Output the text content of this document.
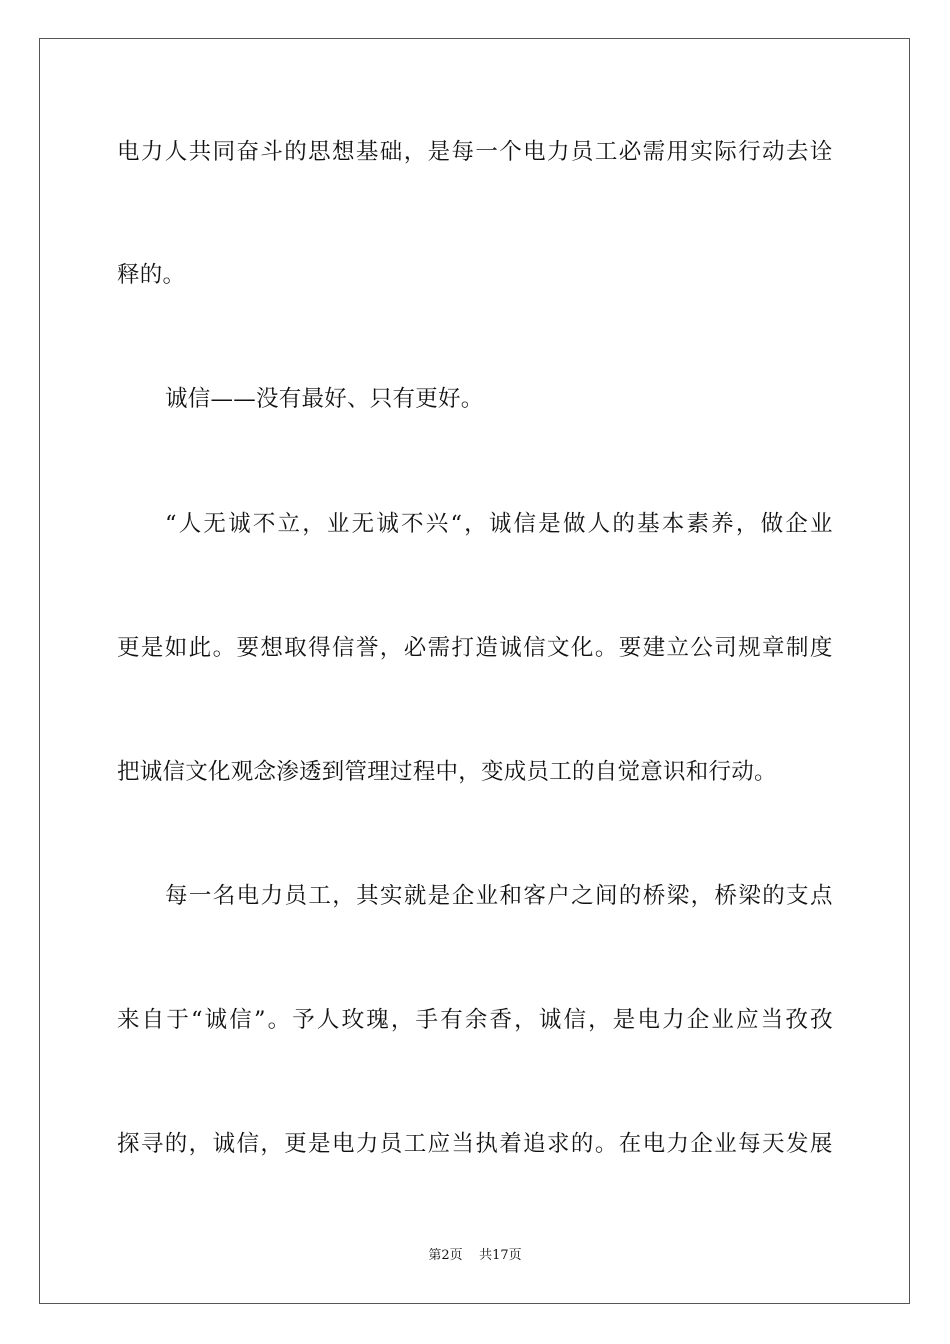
电 力 人 共 同 奋 斗 的 思 想 基 础 ， 是 每 一 个 电 力 员 工 必 需 用 实 际 行 动 去 诠
释的。
诚信——没有最好、只有更好。
“ 人 无 诚 不 立 ， 业 无 诚 不 兴 “ ， 诚 信 是 做 人 的 基 本 素 养 ， 做 企 业
更 是 如 此 。 要 想 取 得 信 誉 ， 必 需 打 造 诚 信 文 化 。 要 建 立 公 司 规 章 制 度
把诚信文化观念渗透到管理过程中，变成员工的自觉意识和行动。
每 一 名 电 力 员 工 ， 其 实 就 是 企 业 和 客 户 之 间 的 桥 梁 ， 桥 梁 的 支 点
来 自 于 “ 诚 信 ” 。 予 人 玫 瑰 ， 手 有 余 香 ， 诚 信 ， 是 电 力 企 业 应 当 孜 孜
探 寻 的 ， 诚 信 ， 更 是 电 力 员 工 应 当 执 着 追 求 的 。 在 电 力 企 业 每 天 发 展
第2页    共17页
